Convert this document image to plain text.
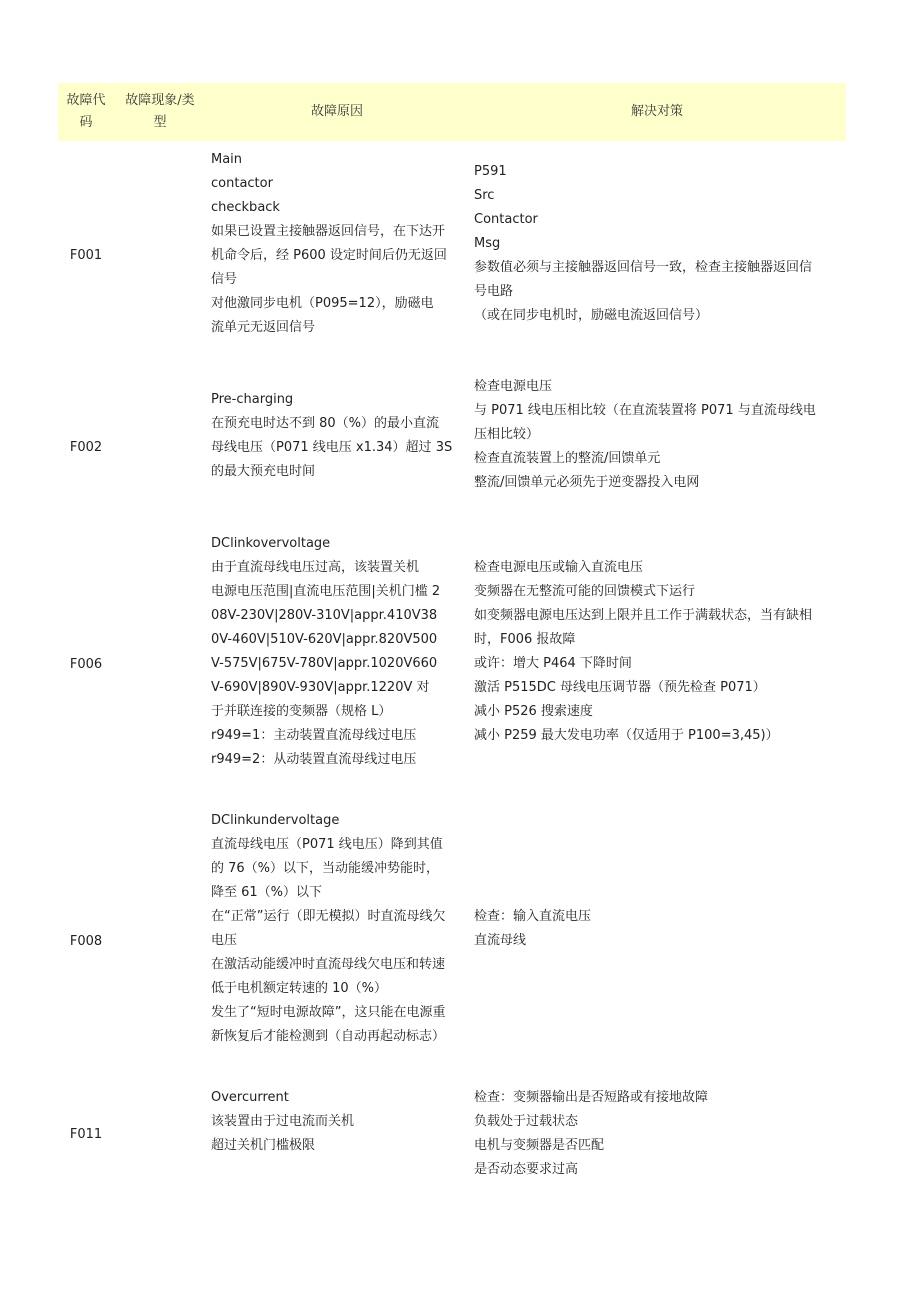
故障代码
故障现象/类型
故障原因	解决对策
F001
Main
contactor
checkback
如果已设置主接触器返回信号，在下达开
机命令后，经 P600 设定时间后仍无返回
信号
对他激同步电机（P095=12），励磁电
流单元无返回信号
P591
Src
Contactor
Msg
参数值必须与主接触器返回信号一致，检查主接触器返回信
号电路
（或在同步电机时，励磁电流返回信号）
F002
Pre-charging
在预充电时达不到 80（%）的最小直流
母线电压（P071 线电压 x1.34）超过 3S
的最大预充电时间
检查电源电压
与 P071 线电压相比较（在直流装置将 P071 与直流母线电
压相比较）
检查直流装置上的整流/回馈单元
整流/回馈单元必须先于逆变器投入电网
F006
DClinkovervoltage
由于直流母线电压过高，该装置关机
电源电压范围|直流电压范围|关机门槛 2
08V-230V|280V-310V|appr.410V38
0V-460V|510V-620V|appr.820V500
V-575V|675V-780V|appr.1020V660
V-690V|890V-930V|appr.1220V 对
于并联连接的变频器（规格 L）
r949=1：主动装置直流母线过电压
r949=2：从动装置直流母线过电压
检查电源电压或输入直流电压
变频器在无整流可能的回馈模式下运行
如变频器电源电压达到上限并且工作于满载状态，当有缺相
时，F006 报故障
或许：增大 P464 下降时间
激活 P515DC 母线电压调节器（预先检查 P071）
减小 P526 搜索速度
减小 P259 最大发电功率（仅适用于 P100=3,45)）
F008
DClinkundervoltage
直流母线电压（P071 线电压）降到其值
的 76（%）以下，当动能缓冲势能时，
降至 61（%）以下
在“正常”运行（即无模拟）时直流母线欠
电压
在激活动能缓冲时直流母线欠电压和转速
低于电机额定转速的 10（%）
发生了“短时电源故障”，这只能在电源重
新恢复后才能检测到（自动再起动标志）
检查：输入直流电压
直流母线
F011
Overcurrent
该装置由于过电流而关机
超过关机门槛极限
检查：变频器输出是否短路或有接地故障
负载处于过载状态
电机与变频器是否匹配
是否动态要求过高
